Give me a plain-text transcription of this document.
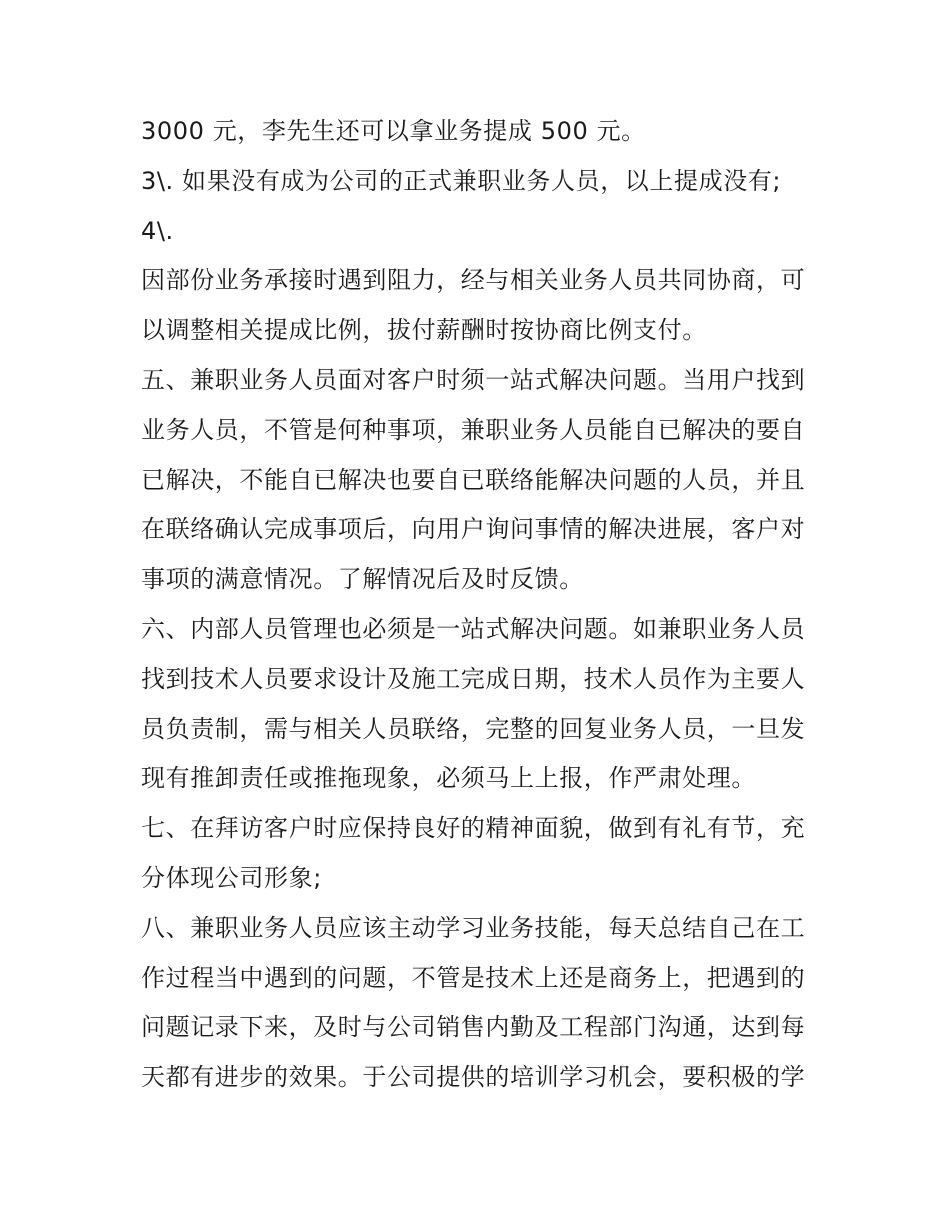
3000 元，李先生还可以拿业务提成 500 元。
3\. 如果没有成为公司的正式兼职业务人员，以上提成没有;
4\.
因部份业务承接时遇到阻力，经与相关业务人员共同协商，可
以调整相关提成比例，拔付薪酬时按协商比例支付。
五、兼职业务人员面对客户时须一站式解决问题。当用户找到
业务人员，不管是何种事项，兼职业务人员能自已解决的要自
已解决，不能自已解决也要自已联络能解决问题的人员，并且
在联络确认完成事项后，向用户询问事情的解决进展，客户对
事项的满意情况。了解情况后及时反馈。
六、内部人员管理也必须是一站式解决问题。如兼职业务人员
找到技术人员要求设计及施工完成日期，技术人员作为主要人
员负责制，需与相关人员联络，完整的回复业务人员，一旦发
现有推卸责任或推拖现象，必须马上上报，作严肃处理。
七、在拜访客户时应保持良好的精神面貌，做到有礼有节，充
分体现公司形象;
八、兼职业务人员应该主动学习业务技能，每天总结自己在工
作过程当中遇到的问题，不管是技术上还是商务上，把遇到的
问题记录下来，及时与公司销售内勤及工程部门沟通，达到每
天都有进步的效果。于公司提供的培训学习机会，要积极的学
